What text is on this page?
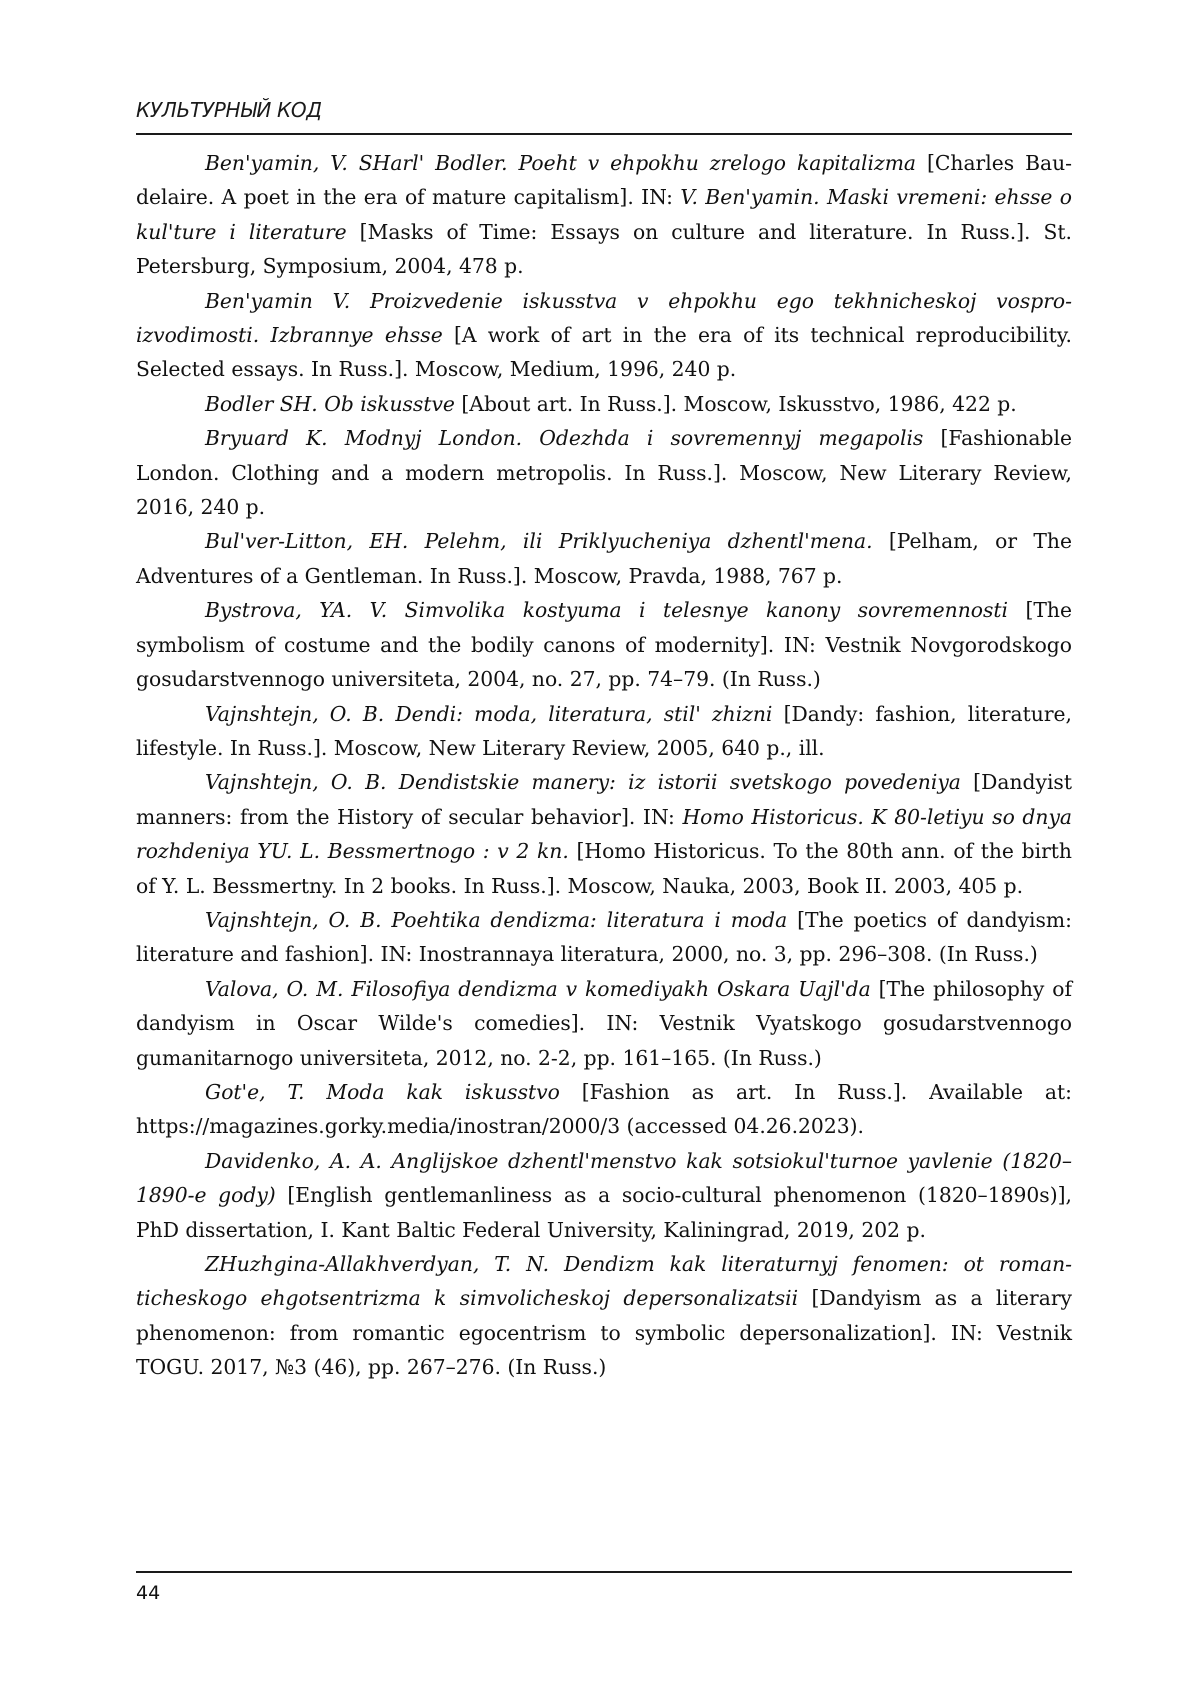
КУЛЬТУРНЫЙ КОД

Ben'yamin, V. SHarl' Bodler. Poeht v ehpokhu zrelogo kapitalizma [Charles Baudelaire. A poet in the era of mature capitalism]. IN: V. Ben'yamin. Maski vremeni: ehsse o kul'ture i literature [Masks of Time: Essays on culture and literature. In Russ.]. St. Petersburg, Symposium, 2004, 478 p.

Ben'yamin V. Proizvedenie iskusstva v ehpokhu ego tekhnicheskoj vosproizvodimosti. Izbrannye ehsse [A work of art in the era of its technical reproducibility. Selected essays. In Russ.]. Moscow, Medium, 1996, 240 p.

Bodler SH. Ob iskusstve [About art. In Russ.]. Moscow, Iskusstvo, 1986, 422 p.

Bryuard K. Modnyj London. Odezhda i sovremennyj megapolis [Fashionable London. Clothing and a modern metropolis. In Russ.]. Moscow, New Literary Review, 2016, 240 p.

Bul'ver-Litton, EH. Pelehm, ili Priklyucheniya dzhentl'mena. [Pelham, or The Adventures of a Gentleman. In Russ.]. Moscow, Pravda, 1988, 767 p.

Bystrova, YA. V. Simvolika kostyuma i telesnye kanony sovremennosti [The symbolism of costume and the bodily canons of modernity]. IN: Vestnik Novgorodskogo gosudarstvennogo universiteta, 2004, no. 27, pp. 74–79. (In Russ.)

Vajnshtejn, O. B. Dendi: moda, literatura, stil' zhizni [Dandy: fashion, literature, lifestyle. In Russ.]. Moscow, New Literary Review, 2005, 640 p., ill.

Vajnshtejn, O. B. Dendistskie manery: iz istorii svetskogo povedeniya [Dandyist manners: from the History of secular behavior]. IN: Homo Historicus. K 80-letiyu so dnya rozhdeniya YU. L. Bessmertnogo : v 2 kn. [Homo Historicus. To the 80th ann. of the birth of Y. L. Bessmertny. In 2 books. In Russ.]. Moscow, Nauka, 2003, Book II. 2003, 405 p.

Vajnshtejn, O. B. Poehtika dendizma: literatura i moda [The poetics of dandyism: literature and fashion]. IN: Inostrannaya literatura, 2000, no. 3, pp. 296–308. (In Russ.)

Valova, O. M. Filosofiya dendizma v komediyakh Oskara Uajl'da [The philosophy of dandyism in Oscar Wilde's comedies]. IN: Vestnik Vyatskogo gosudarstvennogo gumanitarnogo universiteta, 2012, no. 2-2, pp. 161–165. (In Russ.)

Got'e, T. Moda kak iskusstvo [Fashion as art. In Russ.]. Available at: https://magazines.gorky.media/inostran/2000/3 (accessed 04.26.2023).

Davidenko, A. A. Anglijskoe dzhentl'menstvo kak sotsiokul'turnoe yavlenie (1820–1890-e gody) [English gentlemanliness as a socio-cultural phenomenon (1820–1890s)], PhD dissertation, I. Kant Baltic Federal University, Kaliningrad, 2019, 202 p.

ZHuzhgina-Allakhverdyan, T. N. Dendizm kak literaturnyj fenomen: ot romanticheskogo ehgotsentrizma k simvolicheskoj depersonalizatsii [Dandyism as a literary phenomenon: from romantic egocentrism to symbolic depersonalization]. IN: Vestnik TOGU. 2017, №3 (46), pp. 267–276. (In Russ.)

44
